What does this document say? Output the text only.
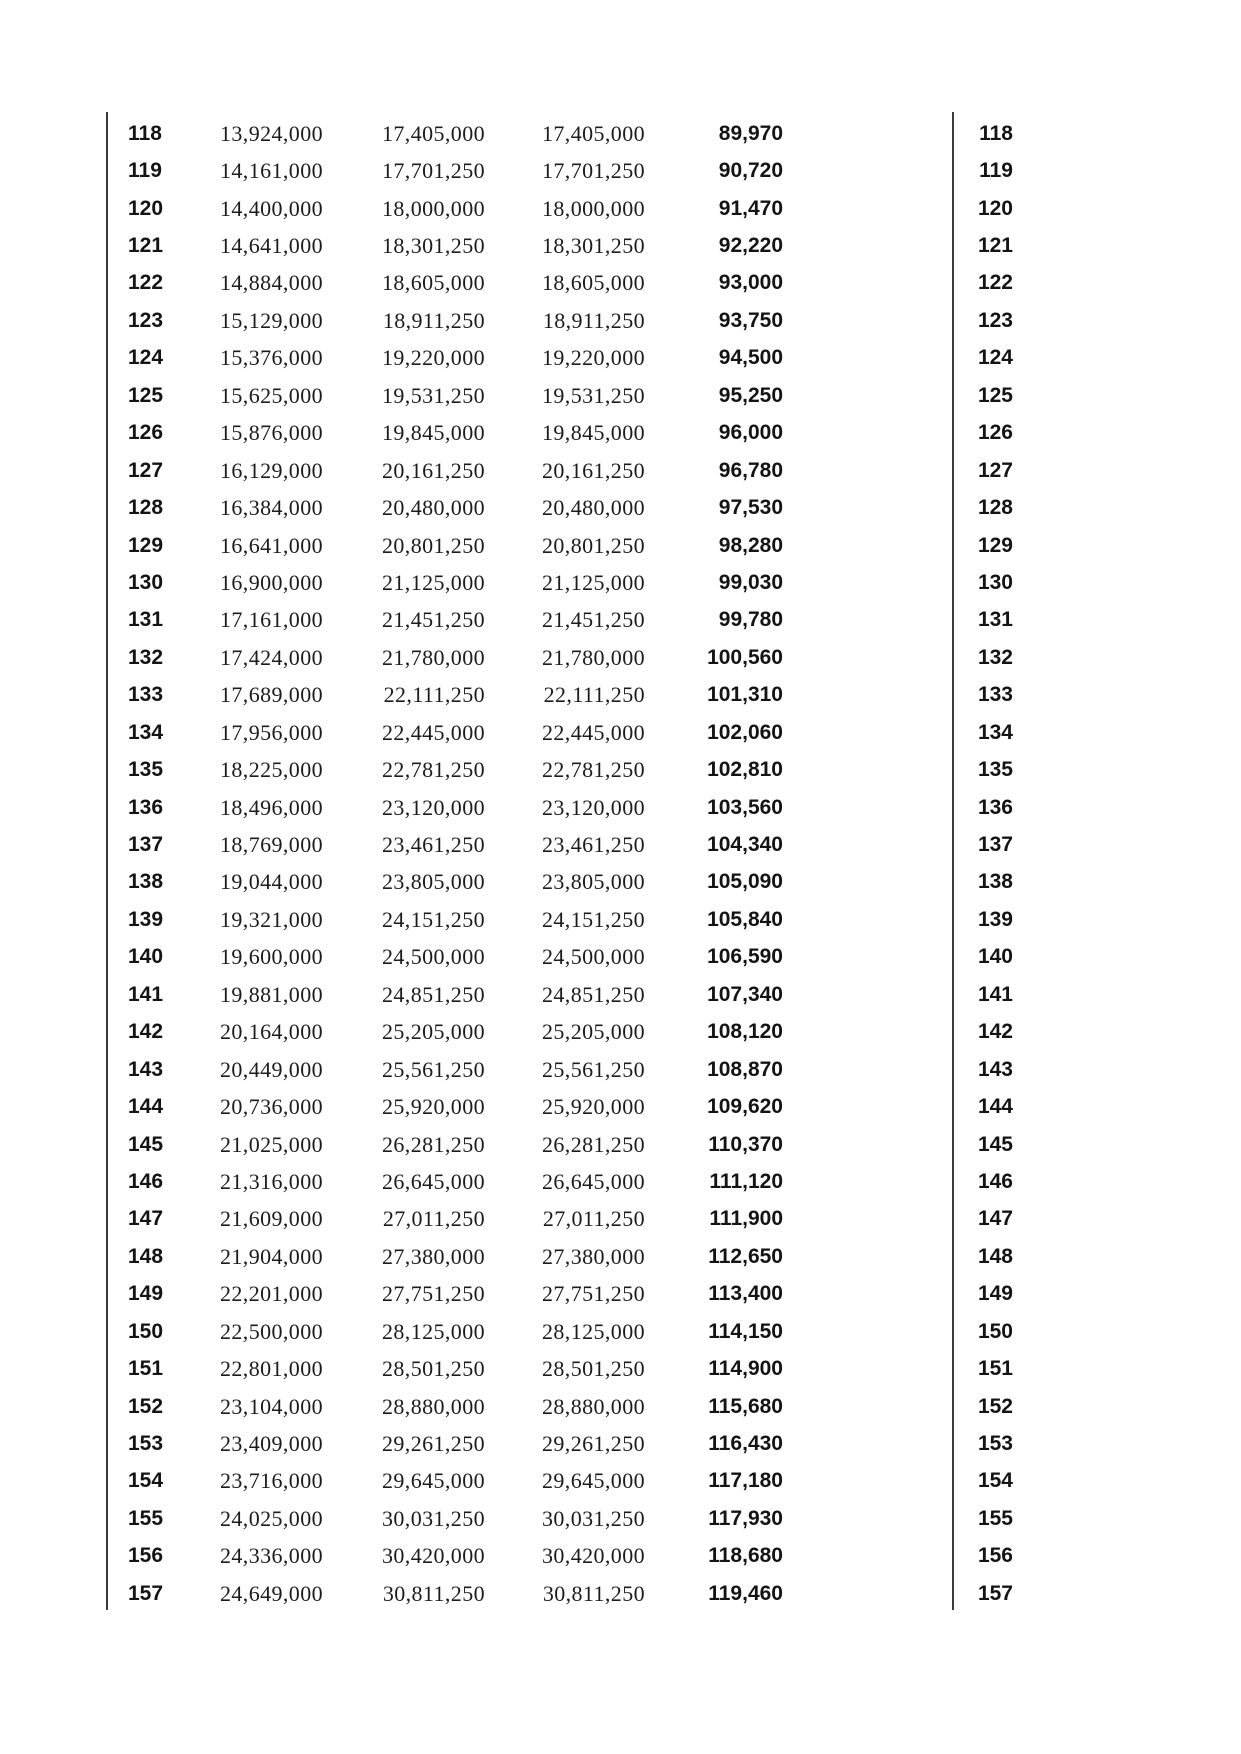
118	13,924,000	17,405,000	17,405,000	89,970	118
119	14,161,000	17,701,250	17,701,250	90,720	119
120	14,400,000	18,000,000	18,000,000	91,470	120
121	14,641,000	18,301,250	18,301,250	92,220	121
122	14,884,000	18,605,000	18,605,000	93,000	122
123	15,129,000	18,911,250	18,911,250	93,750	123
124	15,376,000	19,220,000	19,220,000	94,500	124
125	15,625,000	19,531,250	19,531,250	95,250	125
126	15,876,000	19,845,000	19,845,000	96,000	126
127	16,129,000	20,161,250	20,161,250	96,780	127
128	16,384,000	20,480,000	20,480,000	97,530	128
129	16,641,000	20,801,250	20,801,250	98,280	129
130	16,900,000	21,125,000	21,125,000	99,030	130
131	17,161,000	21,451,250	21,451,250	99,780	131
132	17,424,000	21,780,000	21,780,000	100,560	132
133	17,689,000	22,111,250	22,111,250	101,310	133
134	17,956,000	22,445,000	22,445,000	102,060	134
135	18,225,000	22,781,250	22,781,250	102,810	135
136	18,496,000	23,120,000	23,120,000	103,560	136
137	18,769,000	23,461,250	23,461,250	104,340	137
138	19,044,000	23,805,000	23,805,000	105,090	138
139	19,321,000	24,151,250	24,151,250	105,840	139
140	19,600,000	24,500,000	24,500,000	106,590	140
141	19,881,000	24,851,250	24,851,250	107,340	141
142	20,164,000	25,205,000	25,205,000	108,120	142
143	20,449,000	25,561,250	25,561,250	108,870	143
144	20,736,000	25,920,000	25,920,000	109,620	144
145	21,025,000	26,281,250	26,281,250	110,370	145
146	21,316,000	26,645,000	26,645,000	111,120	146
147	21,609,000	27,011,250	27,011,250	111,900	147
148	21,904,000	27,380,000	27,380,000	112,650	148
149	22,201,000	27,751,250	27,751,250	113,400	149
150	22,500,000	28,125,000	28,125,000	114,150	150
151	22,801,000	28,501,250	28,501,250	114,900	151
152	23,104,000	28,880,000	28,880,000	115,680	152
153	23,409,000	29,261,250	29,261,250	116,430	153
154	23,716,000	29,645,000	29,645,000	117,180	154
155	24,025,000	30,031,250	30,031,250	117,930	155
156	24,336,000	30,420,000	30,420,000	118,680	156
157	24,649,000	30,811,250	30,811,250	119,460	157
